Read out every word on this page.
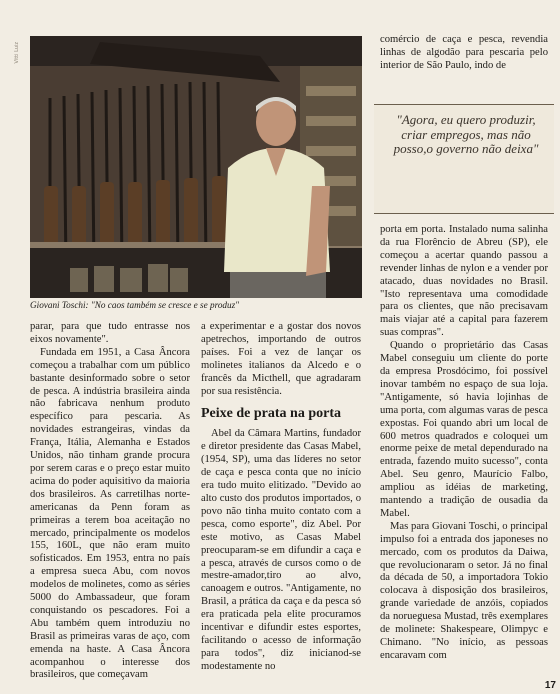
Vitti Luiz
Giovani Toschi: "No caos também se cresce e se produz"

comércio de caça e pesca, revendia linhas de algodão para pescaria pelo interior de São Paulo, indo de

"Agora, eu quero produzir, criar empregos, mas não posso,o governo não deixa"

parar, para que tudo entrasse nos eixos novamente".

Fundada em 1951, a Casa Âncora começou a trabalhar com um público bastante desinformado sobre o setor de pesca. A indústria brasileira ainda não fabricava nenhum produto específico para pescaria. As novidades estrangeiras, vindas da França, Itália, Alemanha e Estados Unidos, não tinham grande procura por serem caras e o preço estar muito acima do poder aquisitivo da maioria dos brasileiros. As carretilhas norte-americanas da Penn foram as primeiras a terem boa aceitação no mercado, principalmente os modelos 155, 160L, que não eram muito sofisticados. Em 1953, entra no país a empresa sueca Abu, com novos modelos de molinetes, como as séries 5000 do Ambassadeur, que foram conquistando os pescadores. Foi a Abu também quem introduziu no Brasil as primeiras varas de aço, com emenda na haste. A Casa Âncora acompanhou o interesse dos brasileiros, que começavam

a experimentar e a gostar dos novos apetrechos, importando de outros países. Foi a vez de lançar os molinetes italianos da Alcedo e o francês da Micthell, que agradaram por sua resistência.

Peixe de prata na porta

Abel da Câmara Martins, fundador e diretor presidente das Casas Mabel, (1954, SP), uma das líderes no setor de caça e pesca conta que no início era tudo muito elitizado. "Devido ao alto custo dos produtos importados, o povo não tinha muito contato com a pesca, como esporte", diz Abel. Por este motivo, as Casas Mabel preocuparam-se em difundir a caça e a pesca, através de cursos como o de mestre-amador,tiro ao alvo, canoagem e outros. "Antigamente, no Brasil, a prática da caça e da pesca só era praticada pela elite procuramos incentivar e difundir estes esportes, facilitando o acesso de informação para todos", diz inicianod-se modestamente no

porta em porta. Instalado numa salinha da rua Florêncio de Abreu (SP), ele começou a acertar quando passou a revender linhas de nylon e a vender por atacado, duas novidades no Brasil. "Isto representava uma comodidade para os clientes, que não precisavam mais viajar até a capital para fazerem suas compras".

Quando o proprietário das Casas Mabel conseguiu um cliente do porte da empresa Prosdócimo, foi possível inovar também no espaço de sua loja. "Antigamente, só havia lojinhas de uma porta, com algumas varas de pesca expostas. Foi quando abri um local de 600 metros quadrados e coloquei um enorme peixe de metal dependurado na entrada, fazendo muito sucesso", conta Abel. Seu genro, Maurício Falbo, ampliou as idéias de marketing, mantendo a tradição de ousadia da Mabel.

Mas para Giovani Toschi, o principal impulso foi a entrada dos japoneses no mercado, com os produtos da Daiwa, que revolucionaram o setor. Já no final da década de 50, a importadora Tokio colocava à disposição dos brasileiros, grande variedade de anzóis, copiados da norueguesa Mustad, três exemplares de molinete: Shakespeare, Olimpyc e Chimano. "No início, as pessoas encaravam com

17
